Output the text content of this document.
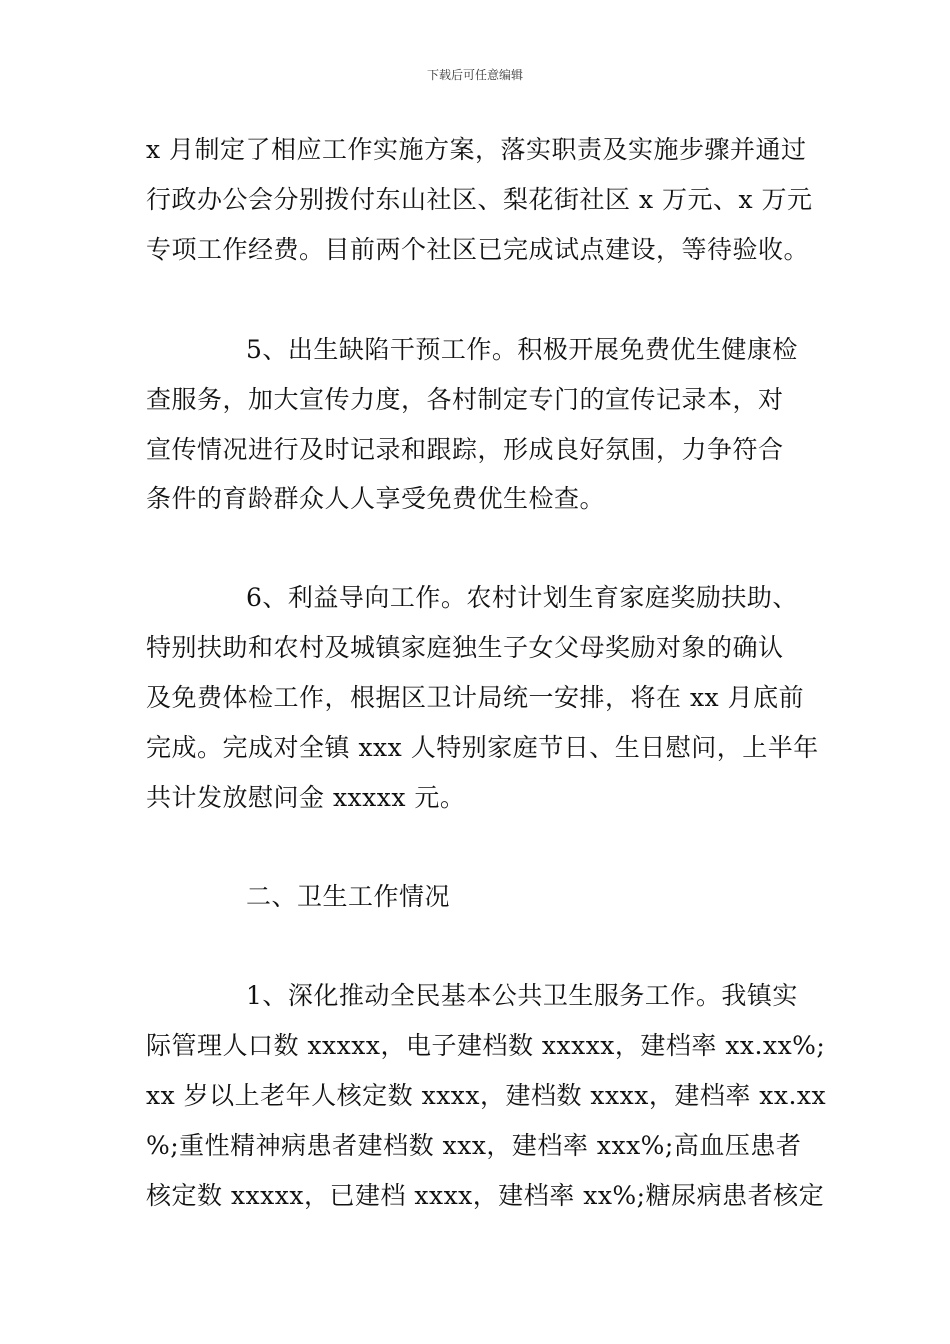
下载后可任意编辑
x 月制定了相应工作实施方案，落实职责及实施步骤并通过
行政办公会分别拨付东山社区、梨花街社区 x 万元、x 万元
专项工作经费。目前两个社区已完成试点建设，等待验收。
5、出生缺陷干预工作。积极开展免费优生健康检
查服务，加大宣传力度，各村制定专门的宣传记录本，对
宣传情况进行及时记录和跟踪，形成良好氛围，力争符合
条件的育龄群众人人享受免费优生检查。
6、利益导向工作。农村计划生育家庭奖励扶助、
特别扶助和农村及城镇家庭独生子女父母奖励对象的确认
及免费体检工作，根据区卫计局统一安排，将在 xx 月底前
完成。完成对全镇 xxx 人特别家庭节日、生日慰问，上半年
共计发放慰问金 xxxxx 元。
二、卫生工作情况
1、深化推动全民基本公共卫生服务工作。我镇实
际管理人口数 xxxxx，电子建档数 xxxxx，建档率 xx.xx%;
xx 岁以上老年人核定数 xxxx，建档数 xxxx，建档率 xx.xx
%;重性精神病患者建档数 xxx，建档率 xxx%;高血压患者
核定数 xxxxx，已建档 xxxx，建档率 xx%;糖尿病患者核定
